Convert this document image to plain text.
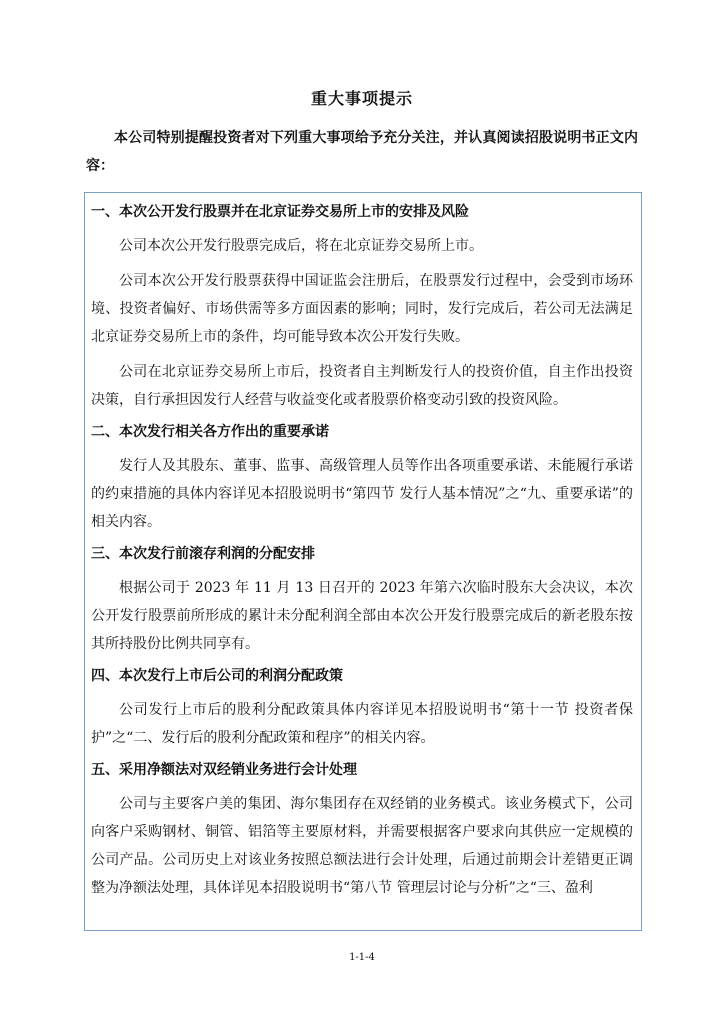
重大事项提示
本公司特别提醒投资者对下列重大事项给予充分关注，并认真阅读招股说明书正文内容：
一、本次公开发行股票并在北京证券交易所上市的安排及风险

公司本次公开发行股票完成后，将在北京证券交易所上市。

公司本次公开发行股票获得中国证监会注册后，在股票发行过程中，会受到市场环境、投资者偏好、市场供需等多方面因素的影响；同时，发行完成后，若公司无法满足北京证券交易所上市的条件，均可能导致本次公开发行失败。

公司在北京证券交易所上市后，投资者自主判断发行人的投资价值，自主作出投资决策，自行承担因发行人经营与收益变化或者股票价格变动引致的投资风险。

二、本次发行相关各方作出的重要承诺

发行人及其股东、董事、监事、高级管理人员等作出各项重要承诺、未能履行承诺的约束措施的具体内容详见本招股说明书“第四节 发行人基本情况”之“九、重要承诺”的相关内容。

三、本次发行前滚存利润的分配安排

根据公司于 2023 年 11 月 13 日召开的 2023 年第六次临时股东大会决议，本次公开发行股票前所形成的累计未分配利润全部由本次公开发行股票完成后的新老股东按其所持股份比例共同享有。

四、本次发行上市后公司的利润分配政策

公司发行上市后的股利分配政策具体内容详见本招股说明书“第十一节 投资者保护”之“二、发行后的股利分配政策和程序”的相关内容。

五、采用净额法对双经销业务进行会计处理

公司与主要客户美的集团、海尔集团存在双经销的业务模式。该业务模式下，公司向客户采购钢材、铜管、铝箔等主要原材料，并需要根据客户要求向其供应一定规模的公司产品。公司历史上对该业务按照总额法进行会计处理，后通过前期会计差错更正调整为净额法处理，具体详见本招股说明书“第八节 管理层讨论与分析”之“三、盈利

1-1-4
